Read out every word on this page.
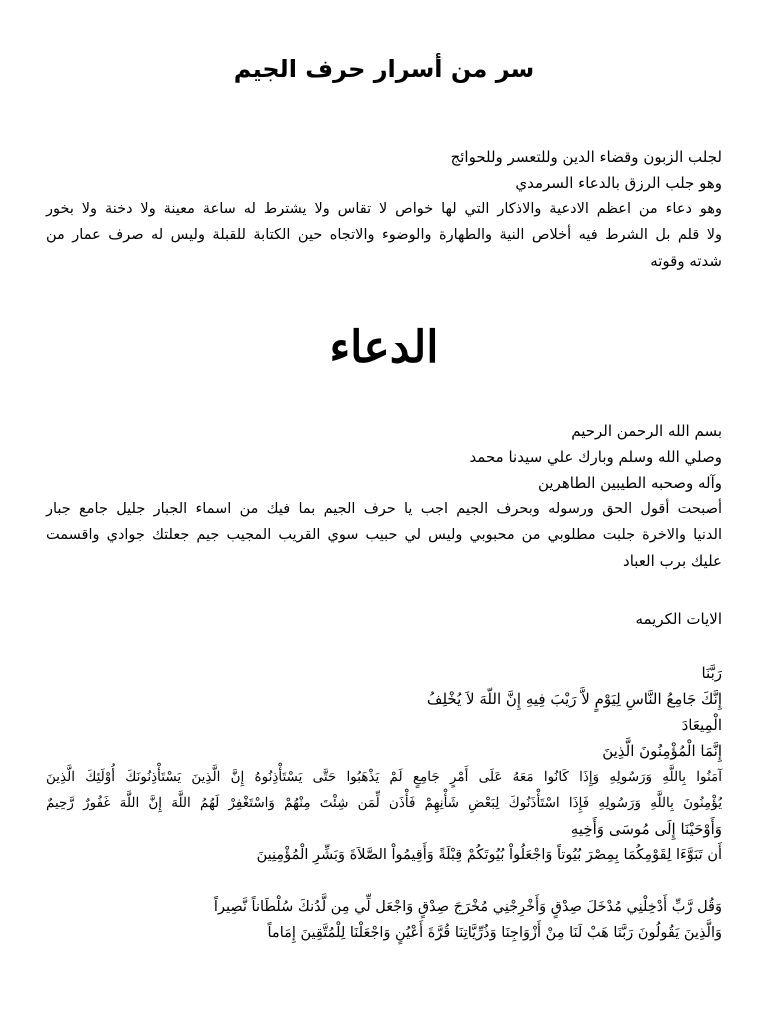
سر من أسرار حرف الجيم
لجلب الزبون وقضاء الدين وللتعسر وللحوائج
وهو جلب الرزق بالدعاء السرمدي
وهو دعاء من اعظم الادعية والاذكار التي لها خواص لا تقاس ولا يشترط له ساعة معينة ولا دخنة ولا بخور
ولا قلم بل الشرط فيه أخلاص النية والطهارة والوضوء والاتجاه حين الكتابة للقبلة وليس له صرف عمار من
شدته وقوته
الدعاء
بسم الله الرحمن الرحيم
وصلي الله وسلم وبارك علي سيدنا محمد
وآله وصحبه الطيبين الطاهرين
أصبحت أقول الحق ورسوله وبحرف الجيم اجب يا حرف الجيم بما فيك من اسماء الجبار جليل جامع جبار
الدنيا والاخرة جلبت مطلوبي من محبوبي وليس لي حبيب سوي القريب المجيب جيم جعلتك جوادي واقسمت
عليك برب العباد
الايات الكريمه
رَبَّنَا
إِنَّكَ جَامِعُ النَّاسِ لِيَوْمٍ لاَّ رَيْبَ فِيهِ إِنَّ اللّهَ لاَ يُخْلِفُ
الْمِيعَادَ
إِنَّمَا الْمُؤْمِنُونَ الَّذِينَ
آمَنُوا بِاللَّهِ وَرَسُولِهِ وَإِذَا كَانُوا مَعَهُ عَلَى أَمْرٍ جَامِعٍ لَمْ يَذْهَبُوا حَتَّى يَسْتَأْذِنُوهُ إِنَّ الَّذِينَ يَسْتَأْذِنُونَكَ أُوْلَئِكَ الَّذِينَ
يُؤْمِنُونَ بِاللَّهِ وَرَسُولِهِ فَإِذَا اسْتَأْذَنُوكَ لِبَعْضِ شَأْنِهِمْ فَأْذَن لِّمَن شِئْتَ مِنْهُمْ وَاسْتَغْفِرْ لَهُمُ اللَّهَ إِنَّ اللَّهَ غَفُورٌ رَّحِيمٌ
وَأَوْحَيْنَا إِلَى مُوسَى وَأَخِيهِ
أَن تَبَوَّءَا لِقَوْمِكُمَا بِمِصْرَ بُيُوتاً وَاجْعَلُواْ بُيُوتَكُمْ قِبْلَةً وَأَقِيمُواْ الصَّلاَةَ وَبَشِّرِ الْمُؤْمِنِينَ
وَقُل رَّبِّ أَدْخِلْنِي مُدْخَلَ صِدْقٍ وَأَخْرِجْنِي مُخْرَجَ صِدْقٍ وَاجْعَل لِّي مِن لَّدُنكَ سُلْطَاناً نَّصِيراً
وَالَّذِينَ يَقُولُونَ رَبَّنَا هَبْ لَنَا مِنْ أَزْوَاجِنَا وَذُرِّيَّاتِنَا قُرَّةَ أَعْيُنٍ وَاجْعَلْنَا لِلْمُتَّقِينَ إِمَاماً
